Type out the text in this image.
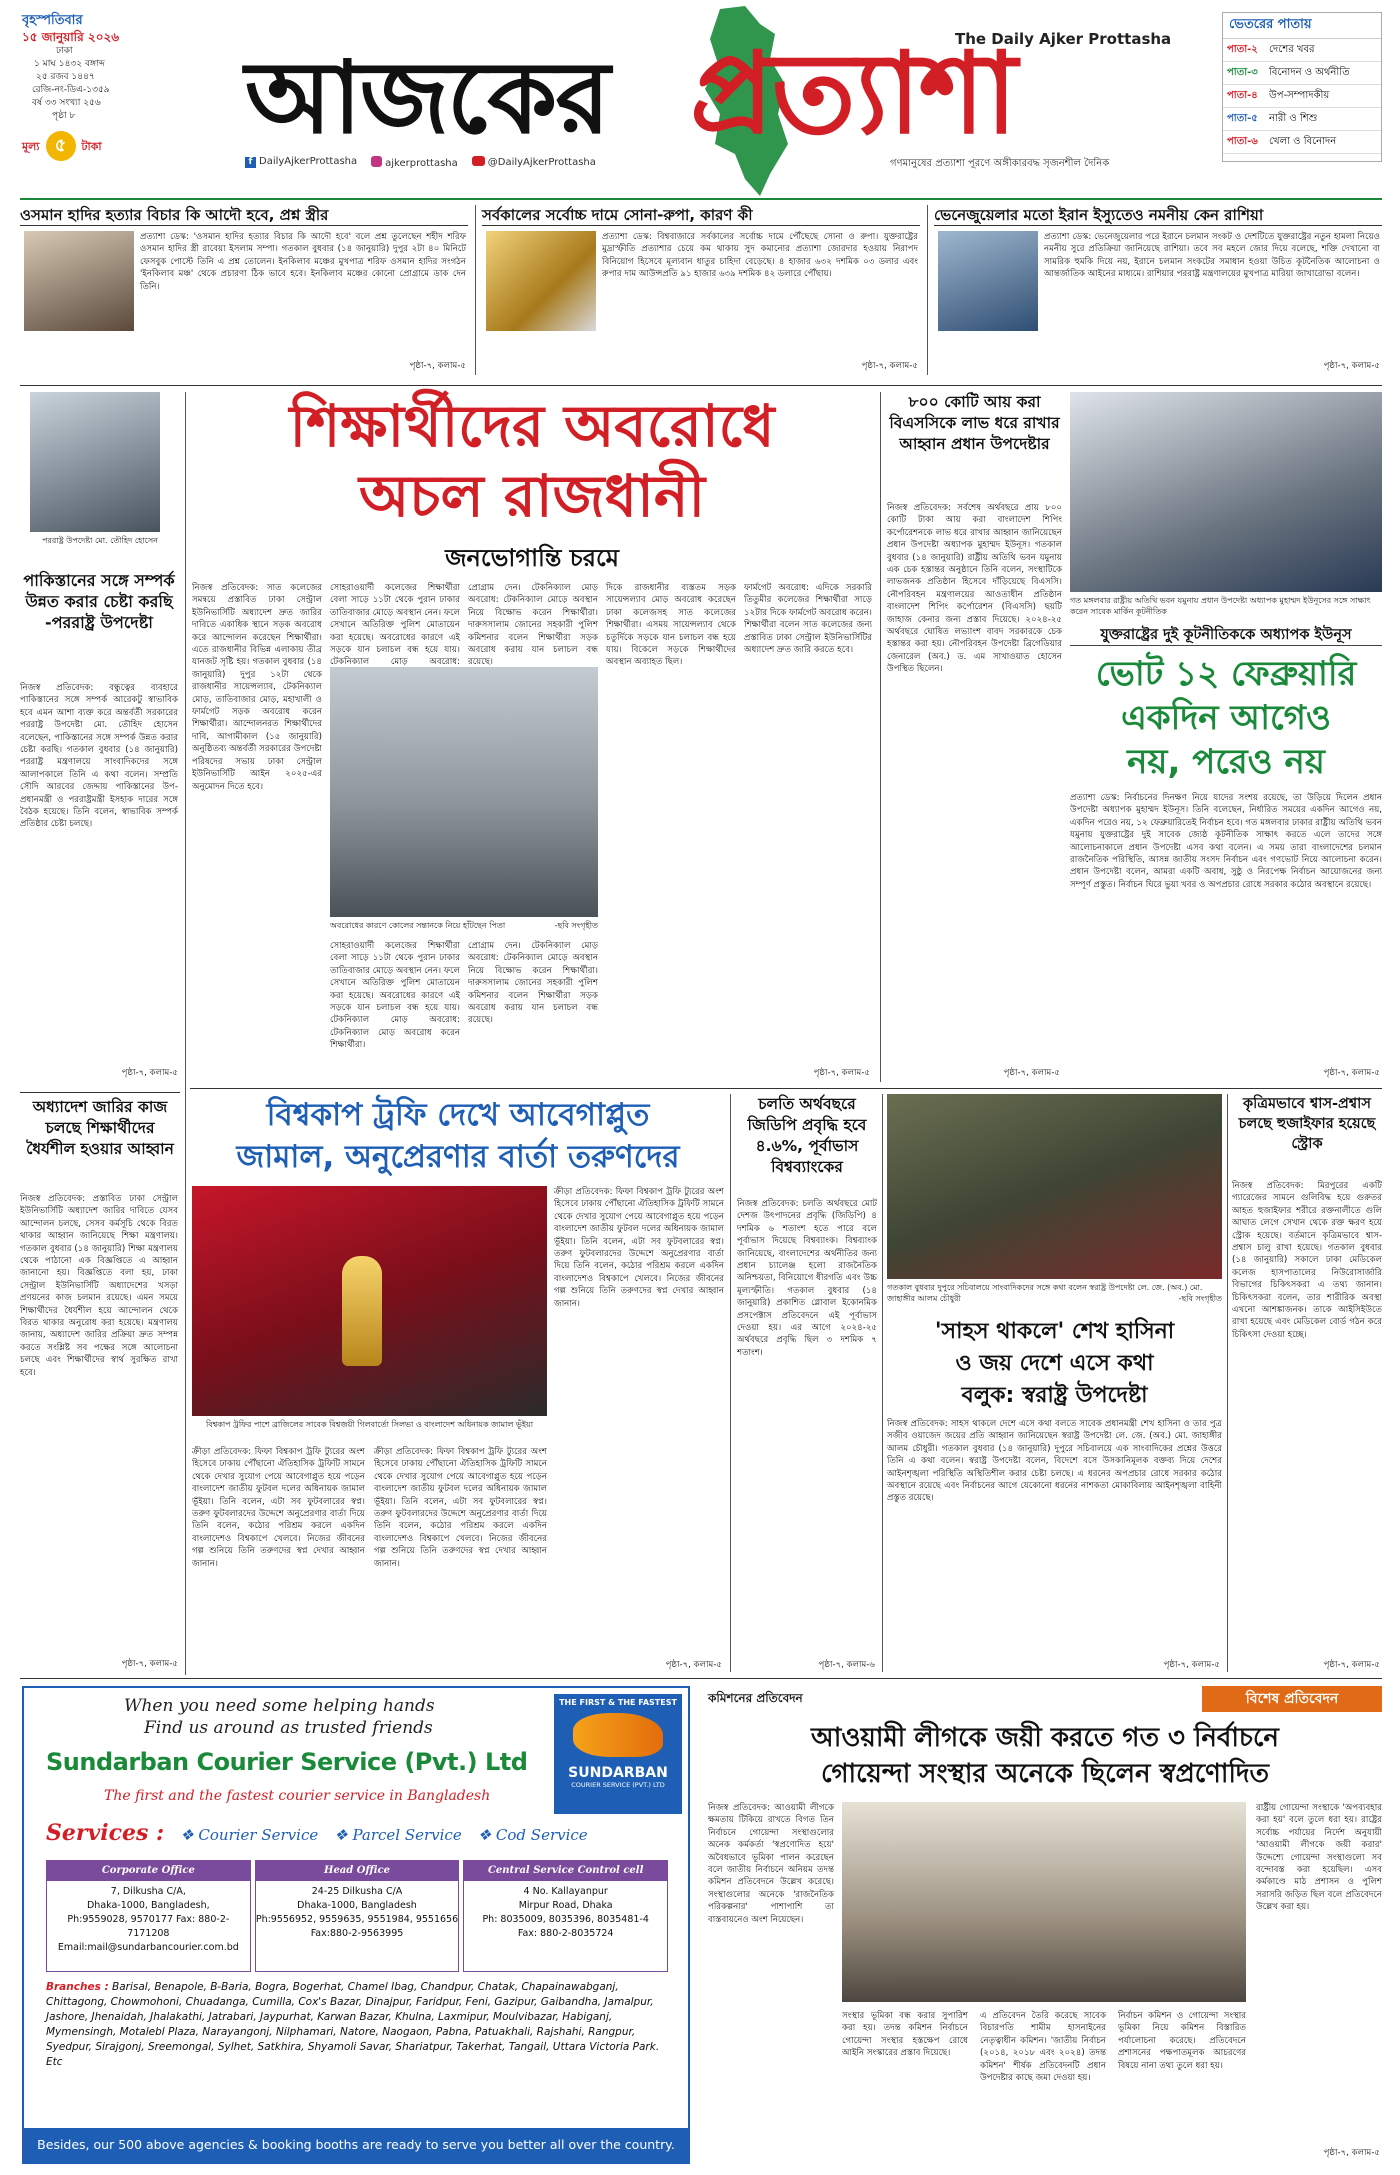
বৃহস্পতিবার
১৫ জানুয়ারি ২০২৬
ঢাকা
১ মাঘ ১৪৩২ বঙ্গাব্দ
২৫ রজব ১৪৪৭
রেজি-নং-ডিএ-১৩৫৯
বর্ষ ৩৩ সংখ্যা ২৫৬
পৃষ্ঠা ৮
মূল্য ৫	টাকা আজকের প্রত্যাশা
The Daily Ajker Prottasha
f DailyAjkerProttasha	ajkerprottasha	@DailyAjkerProttasha	গণমানুষের প্রত্যাশা পূরণে অঙ্গীকারবদ্ধ সৃজনশীল দৈনিক
ভেতরের পাতায়
পাতা-২	দেশের খবর
পাতা-৩	বিনোদন ও অর্থনীতি
পাতা-৪	উপ-সম্পাদকীয়
পাতা-৫	নারী ও শিশু
পাতা-৬	খেলা ও বিনোদন
ওসমান হাদির হত্যার বিচার কি আদৌ হবে, প্রশ্ন স্ত্রীর
প্রত্যাশা ডেস্ক: 'ওসমান হাদির হত্যার বিচার কি আদৌ হবে' বলে প্রশ্ন তুলেছেন শহীদ শরিফ ওসমান হাদির স্ত্রী রাবেয়া ইসলাম সম্পা। গতকাল বুধবার (১৪ জানুয়ারি) দুপুর ২টা ৪০ মিনিটে ফেসবুক পোস্টে তিনি এ প্রশ্ন তোলেন। ইনকিলাব মঞ্চের মুখপাত্র শরিফ ওসমান হাদির সংগঠন 'ইনকিলাব মঞ্চ' থেকে প্রচারণা ঠিক ভাবে হবে। ইনকিলাব মঞ্চের কোনো প্রোগ্রামে ডাক দেন তিনি।
পৃষ্ঠা-৭, কলাম-৫
সর্বকালের সর্বোচ্চ দামে সোনা-রুপা, কারণ কী
প্রত্যাশা ডেস্ক: বিশ্ববাজারে সর্বকালের সর্বোচ্চ দামে পৌঁছেছে সোনা ও রুপা। যুক্তরাষ্ট্রের মুদ্রাস্ফীতি প্রত্যাশার চেয়ে কম থাকায় সুদ কমানোর প্রত্যাশা জোরদার হওয়ায় নিরাপদ বিনিয়োগ হিসেবে মূল্যবান ধাতুর চাহিদা বেড়েছে। ৪ হাজার ৬৩২ দশমিক ০৩ ডলার এবং রুপার দাম আউন্সপ্রতি ৯১ হাজার ৬৩৯ দশমিক ৪২ ডলারে পৌঁছায়।
পৃষ্ঠা-৭, কলাম-৫
ভেনেজুয়েলার মতো ইরান ইস্যুতেও নমনীয় কেন রাশিয়া
প্রত্যাশা ডেস্ক: ভেনেজুয়েলার পরে ইরানে চলমান সংকট ও দেশটিতে যুক্তরাষ্ট্রের নতুন হামলা নিয়েও নমনীয় সুরে প্রতিক্রিয়া জানিয়েছে রাশিয়া। তবে সব মহলে জোর দিয়ে বলেছে, শক্তি দেখানো বা সামরিক হুমকি দিয়ে নয়, ইরানে চলমান সংকটের সমাধান হওয়া উচিত কূটনৈতিক আলোচনা ও আন্তর্জাতিক আইনের মাধ্যমে। রাশিয়ার পররাষ্ট্র মন্ত্রণালয়ের মুখপাত্র মারিয়া জাখারোভা বলেন।
পৃষ্ঠা-৭, কলাম-৫
পররাষ্ট্র উপদেষ্টা মো. তৌহিদ হোসেন
পাকিস্তানের সঙ্গে সম্পর্ক উন্নত করার চেষ্টা করছি -পররাষ্ট্র উপদেষ্টা
নিজস্ব প্রতিবেদক: বন্ধুত্বের ব্যবহারে পাকিস্তানের সঙ্গে সম্পর্ক আরেকটু স্বাভাবিক হবে এমন আশা ব্যক্ত করে অন্তর্বর্তী সরকারের পররাষ্ট্র উপদেষ্টা মো. তৌহিদ হোসেন বলেছেন, পাকিস্তানের সঙ্গে সম্পর্ক উন্নত করার চেষ্টা করছি। গতকাল বুধবার (১৪ জানুয়ারি) পররাষ্ট্র মন্ত্রণালয়ে সাংবাদিকদের সঙ্গে আলাপকালে তিনি এ কথা বলেন। সম্প্রতি সৌদি আরবের জেদ্দায় পাকিস্তানের উপ-প্রধানমন্ত্রী ও পররাষ্ট্রমন্ত্রী ইসহাক দারের সঙ্গে বৈঠক হয়েছে। তিনি বলেন, স্বাভাবিক সম্পর্ক প্রতিষ্ঠার চেষ্টা চলছে।
পৃষ্ঠা-৭, কলাম-৫
শিক্ষার্থীদের অবরোধে
অচল রাজধানী
জনভোগান্তি চরমে
নিজস্ব প্রতিবেদক: সাত কলেজের সমন্বয়ে প্রস্তাবিত ঢাকা সেন্ট্রাল ইউনিভার্সিটি অধ্যাদেশ দ্রুত জারির দাবিতে একাধিক স্থানে সড়ক অবরোধ করে আন্দোলন করেছেন শিক্ষার্থীরা। এতে রাজধানীর বিভিন্ন এলাকায় তীব্র যানজট সৃষ্টি হয়। গতকাল বুধবার (১৪ জানুয়ারি) দুপুর ১২টা থেকে রাজধানীর সায়েন্সল্যাব, টেকনিক্যাল মোড়, তাতিবাজার মোড়, মহাখালী ও ফার্মগেট সড়ক অবরোধ করেন শিক্ষার্থীরা। আন্দোলনরত শিক্ষার্থীদের দাবি, আগামীকাল (১৫ জানুয়ারি) অনুষ্ঠিতব্য অন্তর্বর্তী সরকারের উপদেষ্টা পরিষদের সভায় ঢাকা সেন্ট্রাল ইউনিভার্সিটি আইন ২০২৫-এর অনুমোদন দিতে হবে।
সোহরাওয়ার্দী কলেজের শিক্ষার্থীরা বেলা সাড়ে ১১টা থেকে পুরান ঢাকার তাতিবাজার মোড়ে অবস্থান নেন। ফলে সেখানে অতিরিক্ত পুলিশ মোতায়েন করা হয়েছে। অবরোধের কারণে এই সড়কে যান চলাচল বন্ধ হয়ে যায়। টেকনিক্যাল মোড় অবরোধ:
প্রোগ্রাম দেন। টেকনিক্যাল মোড় অবরোধ: টেকনিক্যাল মোড়ে অবস্থান নিয়ে বিক্ষোভ করেন শিক্ষার্থীরা। দারুসসালাম জোনের সহকারী পুলিশ কমিশনার বলেন শিক্ষার্থীরা সড়ক অবরোধ করায় যান চলাচল বন্ধ রয়েছে।
দিকে রাজধানীর ব্যস্ততম সড়ক সায়েন্সল্যাব মোড় অবরোধ করেছেন ঢাকা কলেজসহ সাত কলেজের শিক্ষার্থীরা। এসময় সায়েন্সল্যাব থেকে চতুর্দিকে সড়কে যান চলাচল বন্ধ হয়ে যায়। বিকেলে সড়কে শিক্ষার্থীদের অবস্থান অব্যাহত ছিল।
ফার্মগেট অবরোধ: এদিকে সরকারি তিতুমীর কলেজের শিক্ষার্থীরা সাড়ে ১২টার দিকে ফার্মগেট অবরোধ করেন। শিক্ষার্থীরা বলেন সাত কলেজের জন্য প্রস্তাবিত ঢাকা সেন্ট্রাল ইউনিভার্সিটির অধ্যাদেশ দ্রুত জারি করতে হবে।
অবরোধের কারণে কোলের সন্তানকে নিয়ে হাঁটছেন পিতা	-ছবি সংগৃহীত
সোহরাওয়ার্দী কলেজের শিক্ষার্থীরা বেলা সাড়ে ১১টা থেকে পুরান ঢাকার তাতিবাজার মোড়ে অবস্থান নেন। ফলে সেখানে অতিরিক্ত পুলিশ মোতায়েন করা হয়েছে। অবরোধের কারণে এই সড়কে যান চলাচল বন্ধ হয়ে যায়। টেকনিক্যাল মোড় অবরোধ: টেকনিক্যাল মোড় অবরোধ করেন শিক্ষার্থীরা।
প্রোগ্রাম দেন। টেকনিক্যাল মোড় অবরোধ: টেকনিক্যাল মোড়ে অবস্থান নিয়ে বিক্ষোভ করেন শিক্ষার্থীরা। দারুসসালাম জোনের সহকারী পুলিশ কমিশনার বলেন শিক্ষার্থীরা সড়ক অবরোধ করায় যান চলাচল বন্ধ রয়েছে।
পৃষ্ঠা-৭, কলাম-৫
৮০০ কোটি আয় করা বিএসসিকে লাভ ধরে রাখার আহ্বান প্রধান উপদেষ্টার
নিজস্ব প্রতিবেদক: সর্বশেষ অর্থবছরে প্রায় ৮০০ কোটি টাকা আয় করা বাংলাদেশ শিপিং কর্পোরেশনকে লাভ ধরে রাখার আহ্বান জানিয়েছেন প্রধান উপদেষ্টা অধ্যাপক মুহাম্মদ ইউনূস। গতকাল বুধবার (১৪ জানুয়ারি) রাষ্ট্রীয় অতিথি ভবন যমুনায় এক চেক হস্তান্তর অনুষ্ঠানে তিনি বলেন, সংস্থাটিকে লাভজনক প্রতিষ্ঠান হিসেবে দাঁড়িয়েছে বিএসসি। নৌপরিবহন মন্ত্রণালয়ের আওতাধীন প্রতিষ্ঠান বাংলাদেশ শিপিং কর্পোরেশন (বিএসসি) ছয়টি জাহাজ কেনার জন্য প্রস্তাব দিয়েছে। ২০২৪-২৫ অর্থবছরে ঘোষিত লভ্যাংশ বাবদ সরকারকে চেক হস্তান্তর করা হয়। নৌপরিবহন উপদেষ্টা ব্রিগেডিয়ার জেনারেল (অব.) ড. এম সাখাওয়াত হোসেন উপস্থিত ছিলেন।
পৃষ্ঠা-৭, কলাম-৫
গত মঙ্গলবার রাষ্ট্রীয় অতিথি ভবন যমুনায় প্রধান উপদেষ্টা অধ্যাপক মুহাম্মদ ইউনূসের সঙ্গে সাক্ষাৎ করেন সাবেক মার্কিন কূটনীতিক
যুক্তরাষ্ট্রের দুই কূটনীতিককে অধ্যাপক ইউনূস
ভোট ১২ ফেব্রুয়ারি
একদিন আগেও
নয়, পরেও নয়
প্রত্যাশা ডেস্ক: নির্বাচনের দিনক্ষণ নিয়ে যাদের সংশয় রয়েছে, তা উড়িয়ে দিলেন প্রধান উপদেষ্টা অধ্যাপক মুহাম্মদ ইউনূস। তিনি বলেছেন, নির্ধারিত সময়ের একদিন আগেও নয়, একদিন পরেও নয়, ১২ ফেব্রুয়ারিতেই নির্বাচন হবে। গত মঙ্গলবার ঢাকার রাষ্ট্রীয় অতিথি ভবন যমুনায় যুক্তরাষ্ট্রের দুই সাবেক জ্যেষ্ঠ কূটনীতিক সাক্ষাৎ করতে এলে তাদের সঙ্গে আলোচনাকালে প্রধান উপদেষ্টা এসব কথা বলেন। এ সময় তারা বাংলাদেশের চলমান রাজনৈতিক পরিস্থিতি, আসন্ন জাতীয় সংসদ নির্বাচন এবং গণভোট নিয়ে আলোচনা করেন। প্রধান উপদেষ্টা বলেন, আমরা একটি অবাধ, সুষ্ঠু ও নিরপেক্ষ নির্বাচন আয়োজনের জন্য সম্পূর্ণ প্রস্তুত। নির্বাচন ঘিরে ভুয়া খবর ও অপপ্রচার রোধে সরকার কঠোর অবস্থানে রয়েছে।
পৃষ্ঠা-৭, কলাম-৫
অধ্যাদেশ জারির কাজ চলছে শিক্ষার্থীদের ধৈর্যশীল হওয়ার আহ্বান
নিজস্ব প্রতিবেদক: প্রস্তাবিত ঢাকা সেন্ট্রাল ইউনিভার্সিটি অধ্যাদেশ জারির দাবিতে যেসব আন্দোলন চলছে, সেসব কর্মসূচি থেকে বিরত থাকার আহ্বান জানিয়েছে শিক্ষা মন্ত্রণালয়। গতকাল বুধবার (১৪ জানুয়ারি) শিক্ষা মন্ত্রণালয় থেকে পাঠানো এক বিজ্ঞপ্তিতে এ আহ্বান জানানো হয়। বিজ্ঞপ্তিতে বলা হয়, ঢাকা সেন্ট্রাল ইউনিভার্সিটি অধ্যাদেশের খসড়া প্রণয়নের কাজ চলমান রয়েছে। এমন সময়ে শিক্ষার্থীদের ধৈর্যশীল হয়ে আন্দোলন থেকে বিরত থাকার অনুরোধ করা হয়েছে। মন্ত্রণালয় জানায়, অধ্যাদেশ জারির প্রক্রিয়া দ্রুত সম্পন্ন করতে সংশ্লিষ্ট সব পক্ষের সঙ্গে আলোচনা চলছে এবং শিক্ষার্থীদের স্বার্থ সুরক্ষিত রাখা হবে।
পৃষ্ঠা-৭, কলাম-৫
বিশ্বকাপ ট্রফি দেখে আবেগাপ্লুত
জামাল, অনুপ্রেরণার বার্তা তরুণদের
বিশ্বকাপ ট্রফির পাশে ব্রাজিলের সাবেক বিশ্বজয়ী গিলবার্তো সিলভা ও বাংলাদেশ অধিনায়ক জামাল ভূঁইয়া
ক্রীড়া প্রতিবেদক: ফিফা বিশ্বকাপ ট্রফি ট্যুরের অংশ হিসেবে ঢাকায় পৌঁছানো ঐতিহাসিক ট্রফিটি সামনে থেকে দেখার সুযোগ পেয়ে আবেগাপ্লুত হয়ে পড়েন বাংলাদেশ জাতীয় ফুটবল দলের অধিনায়ক জামাল ভূঁইয়া। তিনি বলেন, এটা সব ফুটবলারের স্বপ্ন। তরুণ ফুটবলারদের উদ্দেশে অনুপ্রেরণার বার্তা দিয়ে তিনি বলেন, কঠোর পরিশ্রম করলে একদিন বাংলাদেশও বিশ্বকাপে খেলবে। নিজের জীবনের গল্প শুনিয়ে তিনি তরুণদের স্বপ্ন দেখার আহ্বান জানান।
ক্রীড়া প্রতিবেদক: ফিফা বিশ্বকাপ ট্রফি ট্যুরের অংশ হিসেবে ঢাকায় পৌঁছানো ঐতিহাসিক ট্রফিটি সামনে থেকে দেখার সুযোগ পেয়ে আবেগাপ্লুত হয়ে পড়েন বাংলাদেশ জাতীয় ফুটবল দলের অধিনায়ক জামাল ভূঁইয়া। তিনি বলেন, এটা সব ফুটবলারের স্বপ্ন। তরুণ ফুটবলারদের উদ্দেশে অনুপ্রেরণার বার্তা দিয়ে তিনি বলেন, কঠোর পরিশ্রম করলে একদিন বাংলাদেশও বিশ্বকাপে খেলবে। নিজের জীবনের গল্প শুনিয়ে তিনি তরুণদের স্বপ্ন দেখার আহ্বান জানান।
ক্রীড়া প্রতিবেদক: ফিফা বিশ্বকাপ ট্রফি ট্যুরের অংশ হিসেবে ঢাকায় পৌঁছানো ঐতিহাসিক ট্রফিটি সামনে থেকে দেখার সুযোগ পেয়ে আবেগাপ্লুত হয়ে পড়েন বাংলাদেশ জাতীয় ফুটবল দলের অধিনায়ক জামাল ভূঁইয়া। তিনি বলেন, এটা সব ফুটবলারের স্বপ্ন। তরুণ ফুটবলারদের উদ্দেশে অনুপ্রেরণার বার্তা দিয়ে তিনি বলেন, কঠোর পরিশ্রম করলে একদিন বাংলাদেশও বিশ্বকাপে খেলবে। নিজের জীবনের গল্প শুনিয়ে তিনি তরুণদের স্বপ্ন দেখার আহ্বান জানান।
পৃষ্ঠা-৭, কলাম-৫
চলতি অর্থবছরে জিডিপি প্রবৃদ্ধি হবে ৪.৬%, পূর্বাভাস বিশ্বব্যাংকের
নিজস্ব প্রতিবেদক: চলতি অর্থবছরে মোট দেশজ উৎপাদনের প্রবৃদ্ধি (জিডিপি) ৪ দশমিক ৬ শতাংশ হতে পারে বলে পূর্বাভাস দিয়েছে বিশ্বব্যাংক। বিশ্বব্যাংক জানিয়েছে, বাংলাদেশের অর্থনীতির জন্য প্রধান চ্যালেঞ্জ হলো রাজনৈতিক অনিশ্চয়তা, বিনিয়োগে ধীরগতি এবং উচ্চ মূল্যস্ফীতি। গতকাল বুধবার (১৪ জানুয়ারি) প্রকাশিত গ্লোবাল ইকোনমিক প্রসপেক্টাস প্রতিবেদনে এই পূর্বাভাস দেওয়া হয়। এর আগে ২০২৪-২৫ অর্থবছরে প্রবৃদ্ধি ছিল ৩ দশমিক ৭ শতাংশ।
পৃষ্ঠা-৭, কলাম-৬
গতকাল বুধবার দুপুরে সচিবালয়ে সাংবাদিকদের সঙ্গে কথা বলেন স্বরাষ্ট্র উপদেষ্টা লে. জে. (অব.) মো. জাহাঙ্গীর আলম চৌধুরী	-ছবি সংগৃহীত
'সাহস থাকলে' শেখ হাসিনা
ও জয় দেশে এসে কথা
বলুক: স্বরাষ্ট্র উপদেষ্টা
নিজস্ব প্রতিবেদক: সাহস থাকলে দেশে এসে কথা বলতে সাবেক প্রধানমন্ত্রী শেখ হাসিনা ও তার পুত্র সজীব ওয়াজেদ জয়ের প্রতি আহ্বান জানিয়েছেন স্বরাষ্ট্র উপদেষ্টা লে. জে. (অব.) মো. জাহাঙ্গীর আলম চৌধুরী। গতকাল বুধবার (১৪ জানুয়ারি) দুপুরে সচিবালয়ে এক সাংবাদিকের প্রশ্নের উত্তরে তিনি এ কথা বলেন। স্বরাষ্ট্র উপদেষ্টা বলেন, বিদেশে বসে উসকানিমূলক বক্তব্য দিয়ে দেশের আইনশৃঙ্খলা পরিস্থিতি অস্থিতিশীল করার চেষ্টা চলছে। এ ধরনের অপপ্রচার রোধে সরকার কঠোর অবস্থানে রয়েছে এবং নির্বাচনের আগে যেকোনো ধরনের নাশকতা মোকাবিলায় আইনশৃঙ্খলা বাহিনী প্রস্তুত রয়েছে।
পৃষ্ঠা-৭, কলাম-৫
কৃত্রিমভাবে শ্বাস-প্রশ্বাস চলছে হুজাইফার হয়েছে স্ট্রোক
নিজস্ব প্রতিবেদক: মিরপুরের একটি গ্যারেজের সামনে গুলিবিদ্ধ হয়ে গুরুতর আহত হুজাইফার শরীরে রক্তনালীতে গুলি আঘাত লেগে সেখান থেকে রক্ত ক্ষরণ হয়ে স্ট্রোক হয়েছে। বর্তমানে কৃত্রিমভাবে শ্বাস-প্রশ্বাস চালু রাখা হয়েছে। গতকাল বুধবার (১৪ জানুয়ারি) সকালে ঢাকা মেডিকেল কলেজ হাসপাতালের নিউরোসার্জারি বিভাগের চিকিৎসকরা এ তথ্য জানান। চিকিৎসকরা বলেন, তার শারীরিক অবস্থা এখনো আশঙ্কাজনক। তাকে আইসিইউতে রাখা হয়েছে এবং মেডিকেল বোর্ড গঠন করে চিকিৎসা দেওয়া হচ্ছে।
পৃষ্ঠা-৭, কলাম-৫
When you need some helping hands
Find us around as trusted friends
Sundarban Courier Service (Pvt.) Ltd
The first and the fastest courier service in Bangladesh
THE FIRST & THE FASTEST
SUNDARBAN
COURIER SERVICE (PVT.) LTD
Services : ❖ Courier Service ❖ Parcel Service ❖ Cod Service
Corporate Office
7, Dilkusha C/A,
Dhaka-1000, Bangladesh,
Ph:9559028, 9570177 Fax: 880-2-7171208
Email:mail@sundarbancourier.com.bd
Head Office
24-25 Dilkusha C/A
Dhaka-1000, Bangladesh
Ph:9556952, 9559635, 9551984, 9551656
Fax:880-2-9563995
Central Service Control cell
4 No. Kallayanpur
Mirpur Road, Dhaka
Ph: 8035009, 8035396, 8035481-4
Fax: 880-2-8035724
Branches : Barisal, Benapole, B-Baria, Bogra, Bogerhat, Chamel Ibag, Chandpur, Chatak, Chapainawabganj, Chittagong, Chowmohoni, Chuadanga, Cumilla, Cox's Bazar, Dinajpur, Faridpur, Feni, Gazipur, Gaibandha, Jamalpur, Jashore, Jhenaidah, Jhalakathi, Jatrabari, Jaypurhat, Karwan Bazar, Khulna, Laxmipur, Moulvibazar, Habiganj, Mymensingh, Motalebl Plaza, Narayangonj, Nilphamari, Natore, Naogaon, Pabna, Patuakhali, Rajshahi, Rangpur, Syedpur, Sirajgonj, Sreemongal, Sylhet, Satkhira, Shyamoli Savar, Shariatpur, Takerhat, Tangail, Uttara Victoria Park. Etc
Besides, our 500 above agencies & booking booths are ready to serve you better all over the country.
কমিশনের প্রতিবেদন	বিশেষ প্রতিবেদন
আওয়ামী লীগকে জয়ী করতে গত ৩ নির্বাচনে
গোয়েন্দা সংস্থার অনেকে ছিলেন স্বপ্রণোদিত
নিজস্ব প্রতিবেদক: আওয়ামী লীগকে ক্ষমতায় টিকিয়ে রাখতে বিগত তিন নির্বাচনে গোয়েন্দা সংস্থাগুলোর অনেক কর্মকর্তা 'স্বপ্রণোদিত হয়ে' অবৈধভাবে ভূমিকা পালন করেছেন বলে জাতীয় নির্বাচনে অনিয়ম তদন্ত কমিশন প্রতিবেদনে উল্লেখ করেছে। সংস্থাগুলোর অনেকে 'রাজনৈতিক পরিকল্পনার' পাশাপাশি তা বাস্তবায়নেও অংশ নিয়েছেন।
সংস্থার ভূমিকা বন্ধ করার সুপারিশ করা হয়। তদন্ত কমিশন নির্বাচনে গোয়েন্দা সংস্থার হস্তক্ষেপ রোধে আইনি সংস্কারের প্রস্তাব দিয়েছে।
এ প্রতিবেদন তৈরি করেছে সাবেক বিচারপতি শামীম হাসনাইনের নেতৃত্বাধীন কমিশন। 'জাতীয় নির্বাচন (২০১৪, ২০১৮ এবং ২০২৪) তদন্ত কমিশন' শীর্ষক প্রতিবেদনটি প্রধান উপদেষ্টার কাছে জমা দেওয়া হয়।
নির্বাচন কমিশন ও গোয়েন্দা সংস্থার ভূমিকা নিয়ে কমিশন বিস্তারিত পর্যালোচনা করেছে। প্রতিবেদনে প্রশাসনের পক্ষপাতমূলক আচরণের বিষয়ে নানা তথ্য তুলে ধরা হয়।
রাষ্ট্রীয় গোয়েন্দা সংস্থাকে 'অপব্যবহার করা হয়' বলে তুলে ধরা হয়। রাষ্ট্রের সর্বোচ্চ পর্যায়ের নির্দেশ অনুযায়ী 'আওয়ামী লীগকে জয়ী করার' উদ্দেশ্যে গোয়েন্দা সংস্থাগুলো সব বন্দোবস্ত করা হয়েছিল। এসব কর্মকাণ্ডে মাঠ প্রশাসন ও পুলিশ সরাসরি জড়িত ছিল বলে প্রতিবেদনে উল্লেখ করা হয়।
পৃষ্ঠা-৭, কলাম-৫
